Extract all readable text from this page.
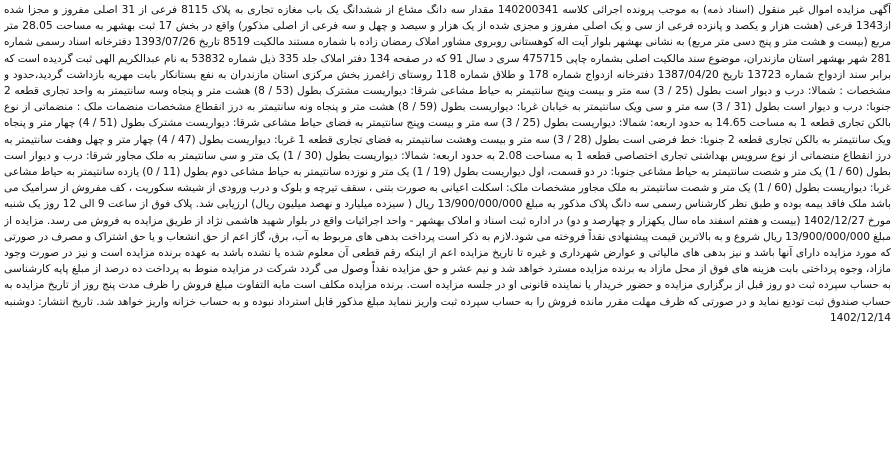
آگهی مزایده اموال غیر منقول (اسناد ذمه) به موجب پرونده اجرائی کلاسه 140200341 مقدار سه دانگ مشاع از ششدانگ یک باب مغازه تجاری به پلاک 8115 فرعی از 31 اصلی مفروز و مجزا شده از1343 فرعی (هشت هزار و یکصد و پانزده فرعی از سی و یک اصلی مفروز و مجزی شده از یک هزار و سیصد و چهل و سه فرعی از اصلی مذکور) واقع در بخش 17 ثبت بهشهر به مساحت 28.05 متر مربع (بیست و هشت متر و پنج دسی متر مربع) به نشانی بهشهر بلوار آیت اله کوهستانی روبروی مشاور املاک رمضان زاده با شماره مستند مالکیت 8519 تاریخ 1393/07/26 دفترخانه اسناد رسمی شماره 281 شهر بهشهر استان مازندران، موضوع سند مالکیت اصلی بشماره چاپی 475715 سری د سال 91 که در صفحه 134 دفتر املاک جلد 335 ذیل شماره 53832 به نام عبدالکریم الهی ثبت گردیده است که برابر سند ازدواج شماره 13723 تاریخ 1387/04/20 دفترخانه ازدواج شماره 178 و طلاق شماره 118 روستای زاغمرز بخش مرکزی استان مازندران به نفع بستانکار بابت مهریه بازداشت گردید،حدود و مشخصات : شمالا: درب و دیوار است بطول (25 / 3) سه متر و بیست وپنج سانتیمتر به حیاط مشاعی شرقا: دیواریست مشترک بطول (53 / 8) هشت متر و پنجاه وسه سانتیمتر به واحد تجاری قطعه 2 جنوبا: درب و دیوار است بطول (31 / 3) سه متر و سی ویک سانتیمتر به خیابان غربا: دیواریست بطول (59 / 8) هشت متر و پنجاه ونه سانتیمتر به درز انقطاع مشخصات منضمات ملک : منضماتی از نوع بالکن تجاری قطعه 1 به مساحت 14.65 به حدود اربعه: شمالا: دیواریست بطول (25 / 3) سه متر و بیست وپنج سانتیمتر به فضای حیاط مشاعی شرقا: دیواریست مشترک بطول (51 / 4) چهار متر و پنجاه ویک سانتیمتر به بالکن تجاری قطعه 2 جنوبا: خط فرضی است بطول (28 / 3) سه متر و بیست وهشت سانتیمتر به فضای تجاری قطعه 1 غربا: دیواریست بطول (47 / 4) چهار متر و چهل وهفت سانتیمتر به درز انقطاع منضماتی از نوع سرویس بهداشتی تجاری اختصاصی قطعه 1 به مساحت 2.08 به حدود اربعه: شمالا: دیواریست بطول (30 / 1) یک متر و سی سانتیمتر به ملک مجاور شرقا: درب و دیوار است بطول (60 / 1) یک متر و شصت سانتیمتر به حیاط مشاعی جنوبا: در دو قسمت، اول دیواریست بطول (19 / 1) یک متر و نوزده سانتیمتر به حیاط مشاعی دوم بطول (11 / 0) یازده سانتیمتر به حیاط مشاعی غربا: دیواریست بطول (60 / 1) یک متر و شصت سانتیمتر به ملک مجاور مشخصات ملک: اسکلت اعیانی به صورت بتنی ، سقف تیرچه و بلوک و درب ورودی از شیشه سکوریت ، کف مفروش از سرامیک می باشد ملک فاقد بیمه بوده و طبق نظر کارشناس رسمی سه دانگ پلاک مذکور به مبلغ 13/900/000/000 ریال ( سیزده میلیارد و نهصد میلیون ریال) ارزیابی شد. پلاک فوق از ساعت 9 الی 12 روز یک شنبه مورخ 1402/12/27 (بیست و هفتم اسفند ماه سال یکهزار و چهارصد و دو) در اداره ثبت اسناد و املاک بهشهر - واحد اجرائیات واقع در بلوار شهید هاشمی نژاد از طریق مزایده به فروش می رسد. مزایده از مبلغ 13/900/000/000 ریال شروع و به بالاترین قیمت پیشنهادی نقداً فروخته می شود.لازم به ذکر است پرداخت بدهی های مربوط به آب، برق، گاز اعم از حق انشعاب و یا حق اشتراک و مصرف در صورتی که مورد مزایده دارای آنها باشد و نیز بدهی های مالیاتی و عوارض شهرداری و غیره تا تاریخ مزایده اعم از اینکه رقم قطعی آن معلوم شده یا نشده باشد به عهده برنده مزایده است و نیز در صورت وجود مازاد، وجوه پرداختی بابت هزینه های فوق از محل مازاد به برنده مزایده مسترد خواهد شد و نیم عشر و حق مزایده نقداً وصول می گردد شرکت در مزایده منوط به پرداخت ده درصد از مبلغ پایه کارشناسی به حساب سپرده ثبت دو روز قبل از برگزاری مزایده و حضور خریدار یا نماینده قانونی او در جلسه مزایده است. برنده مزایده مکلف است مابه التفاوت مبلغ فروش را ظرف مدت پنج روز از تاریخ مزایده به حساب صندوق ثبت تودیع نماید و در صورتی که ظرف مهلت مقرر مانده فروش را به حساب سپرده ثبت واریز ننماید مبلغ مذکور قابل استرداد نبوده و به حساب خزانه واریز خواهد شد. تاریخ انتشار: دوشنبه 1402/12/14
